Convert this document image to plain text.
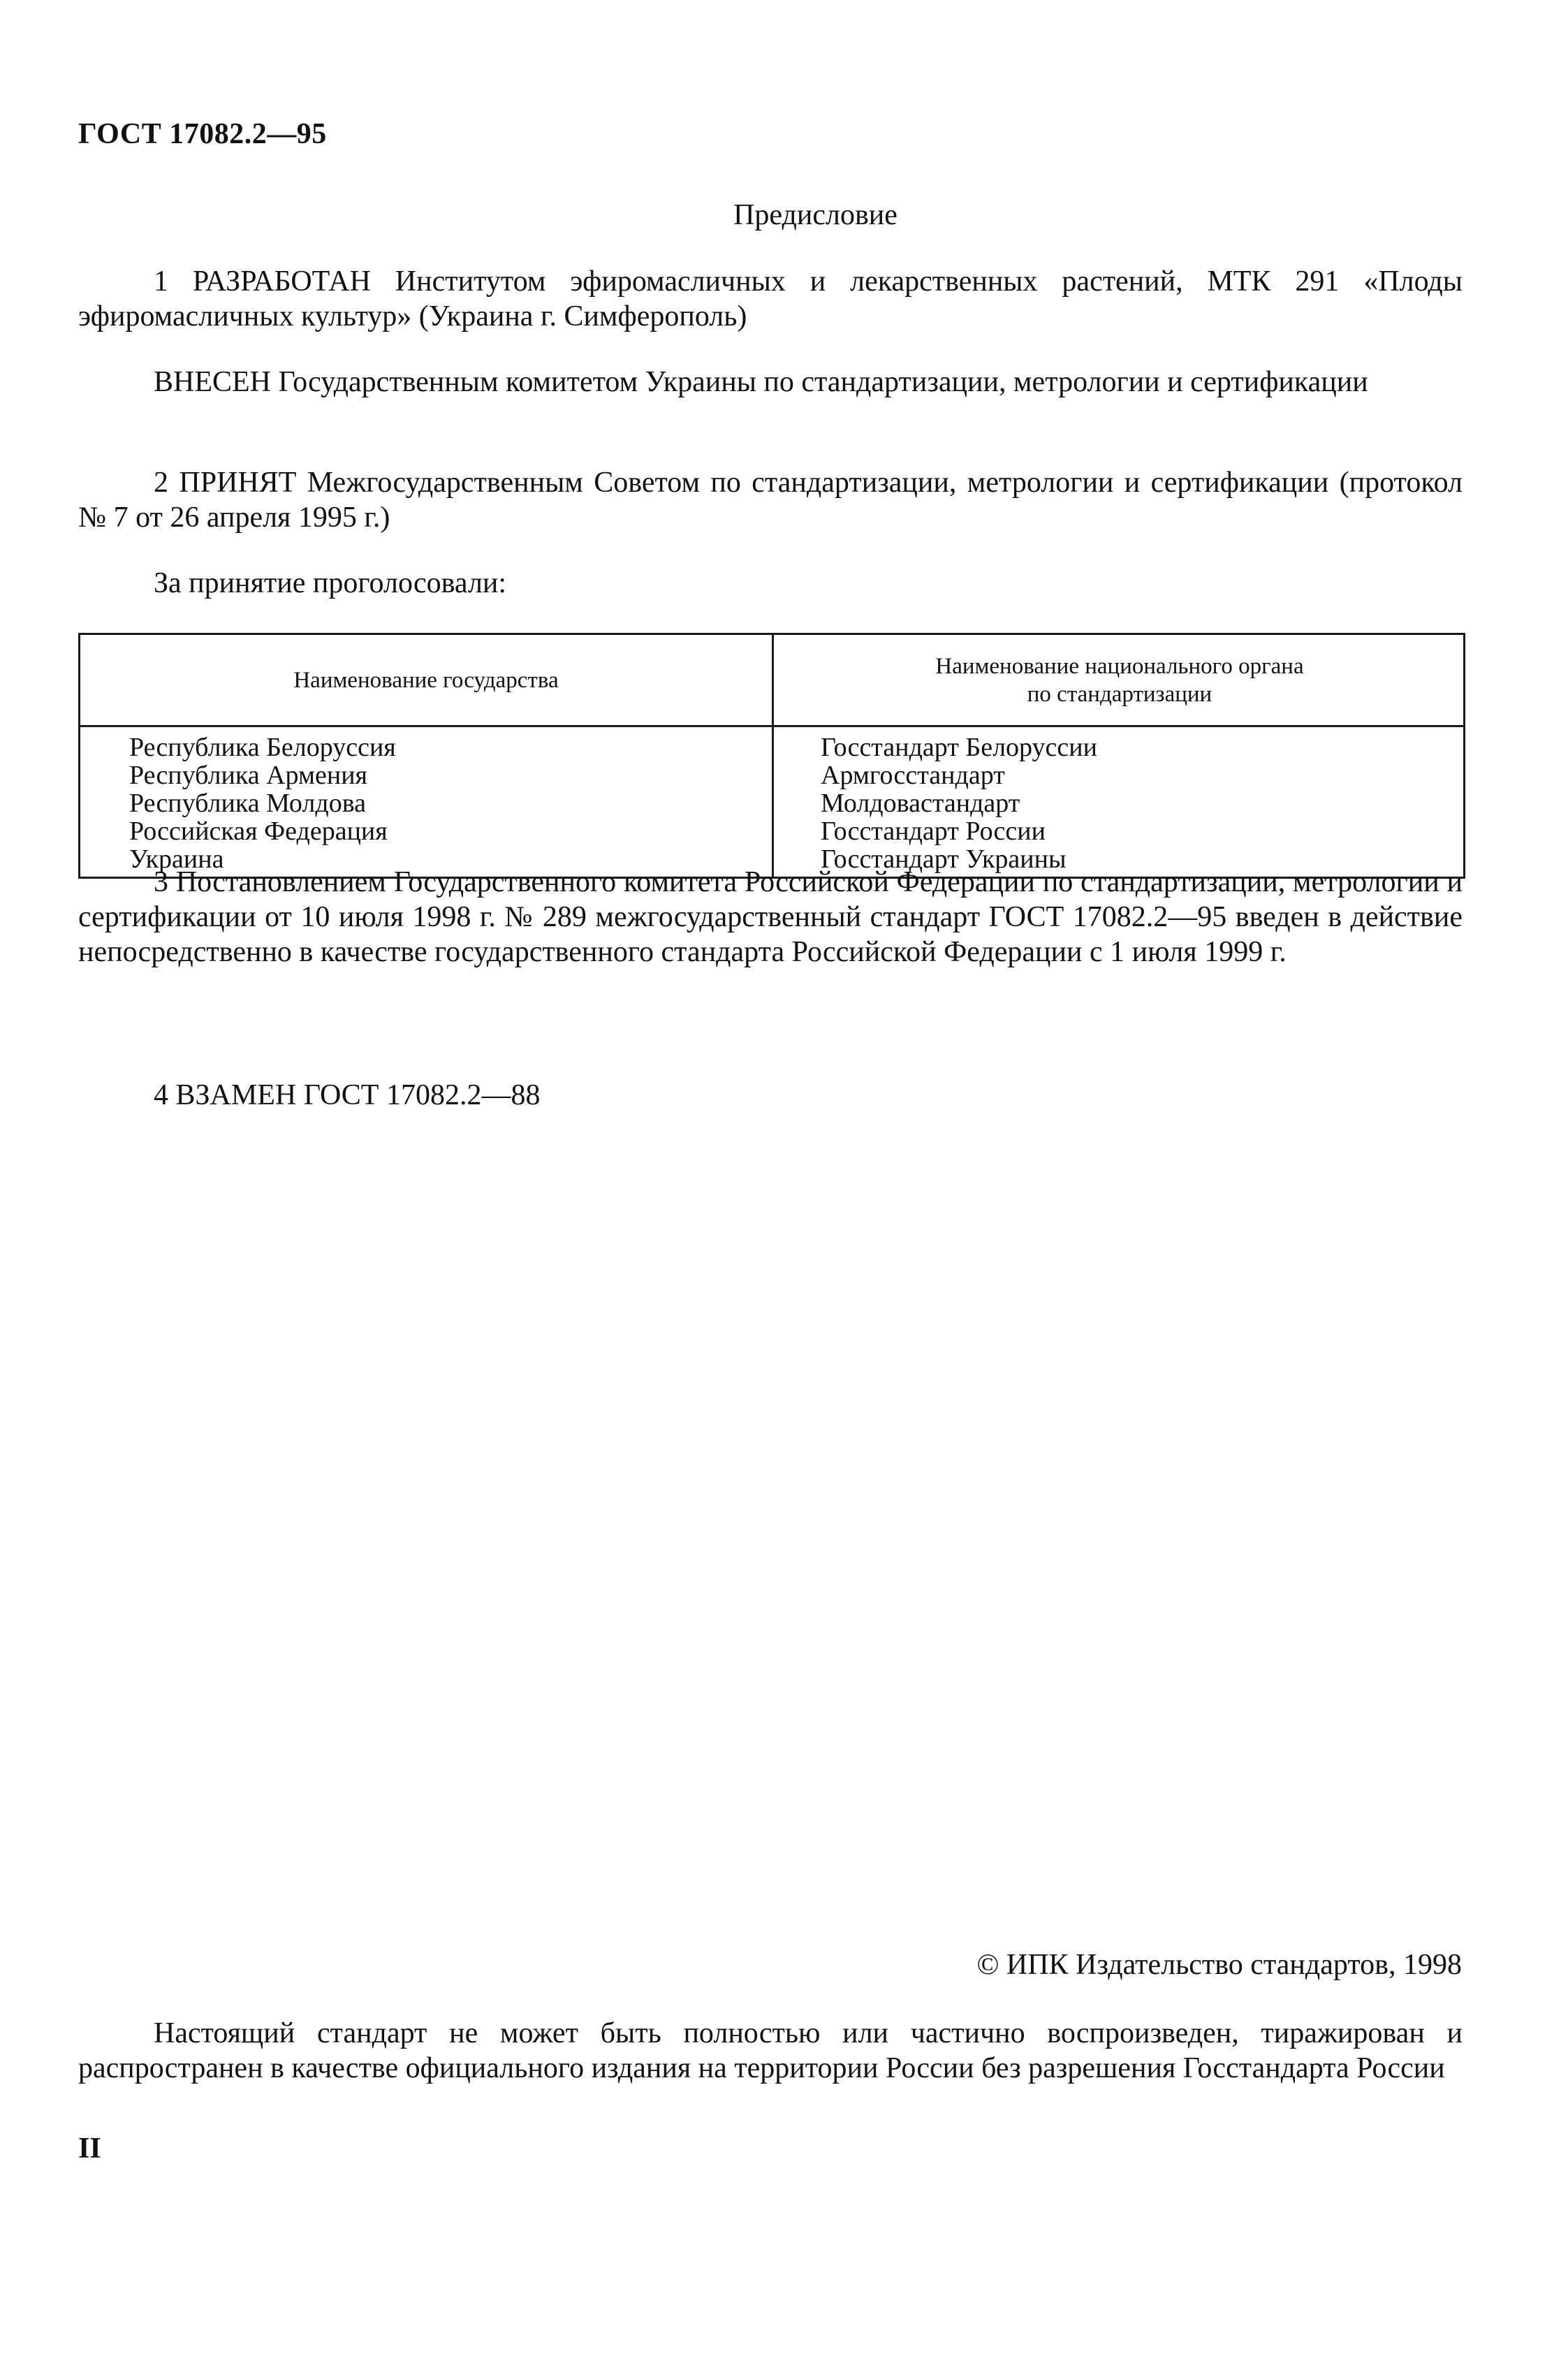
ГОСТ 17082.2—95
Предисловие
1 РАЗРАБОТАН Институтом эфиромасличных и лекарственных растений, МТК 291 «Плоды эфиромасличных культур» (Украина г. Симферополь)
ВНЕСЕН Государственным комитетом Украины по стандартизации, метрологии и сертификации
2 ПРИНЯТ Межгосударственным Советом по стандартизации, метрологии и сертификации (протокол № 7 от 26 апреля 1995 г.)
За принятие проголосовали:
Наименование государства
Наименование национального органа
по стандартизации
Республика Белоруссия
Республика Армения
Республика Молдова
Российская Федерация
Украина
Госстандарт Белоруссии
Армгосстандарт
Молдовастандарт
Госстандарт России
Госстандарт Украины
3 Постановлением Государственного комитета Российской Федерации по стандартизации, метрологии и сертификации от 10 июля 1998 г. № 289 межгосударственный стандарт ГОСТ 17082.2—95 введен в действие непосредственно в качестве государственного стандарта Российской Федерации с 1 июля 1999 г.
4 ВЗАМЕН ГОСТ 17082.2—88
© ИПК Издательство стандартов, 1998
Настоящий стандарт не может быть полностью или частично воспроизведен, тиражирован и распространен в качестве официального издания на территории России без разрешения Госстандарта России
II
